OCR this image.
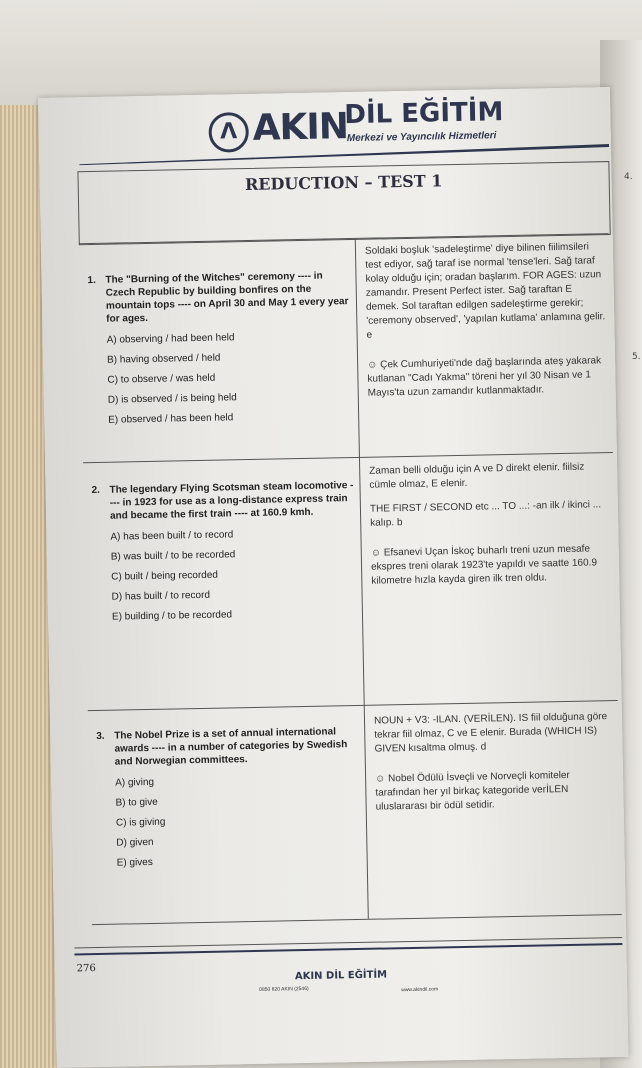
4.
5.
Λ AKIN
DİL EĞİTİM
Merkezi ve Yayıncılık Hizmetleri
REDUCTION – TEST 1
1. The "Burning of the Witches" ceremony ---- in Czech Republic by building bonfires on the mountain tops ---- on April 30 and May 1 every year for ages.
A) observing / had been held
B) having observed / held
C) to observe / was held
D) is observed / is being held
E) observed / has been held

Soldaki boşluk 'sadeleştirme' diye bilinen fiilimsileri test ediyor, sağ taraf ise normal 'tense'leri. Sağ taraf kolay olduğu için; oradan başlarım. FOR AGES: uzun zamandır. Present Perfect ister. Sağ taraftan E demek. Sol taraftan edilgen sadeleştirme gerekir; 'ceremony observed', 'yapılan kutlama' anlamına gelir. e

☺ Çek Cumhuriyeti'nde dağ başlarında ateş yakarak kutlanan "Cadı Yakma" töreni her yıl 30 Nisan ve 1 Mayıs'ta uzun zamandır kutlanmaktadır.

2. The legendary Flying Scotsman steam locomotive ---- in 1923 for use as a long-distance express train and became the first train ---- at 160.9 kmh.
A) has been built / to record
B) was built / to be recorded
C) built / being recorded
D) has built / to record
E) building / to be recorded

Zaman belli olduğu için A ve D direkt elenir. fiilsiz cümle olmaz, E elenir.

THE FIRST / SECOND etc ... TO ...: -an ilk / ikinci ... kalıp. b

☺ Efsanevi Uçan İskoç buharlı treni uzun mesafe ekspres treni olarak 1923'te yapıldı ve saatte 160.9 kilometre hızla kayda giren ilk tren oldu.

3. The Nobel Prize is a set of annual international awards ---- in a number of categories by Swedish and Norwegian committees.
A) giving
B) to give
C) is giving
D) given
E) gives

NOUN + V3: -ILAN. (VERİLEN). IS fiil olduğuna göre tekrar fiil olmaz, C ve E elenir. Burada (WHICH IS) GIVEN kısaltma olmuş. d

☺ Nobel Ödülü İsveçli ve Norveçli komiteler tarafından her yıl birkaç kategoride verİLEN uluslararası bir ödül setidir.

276
AKIN DİL EĞİTİM
0850 820 AKIN (2546)	www.akindil.com
